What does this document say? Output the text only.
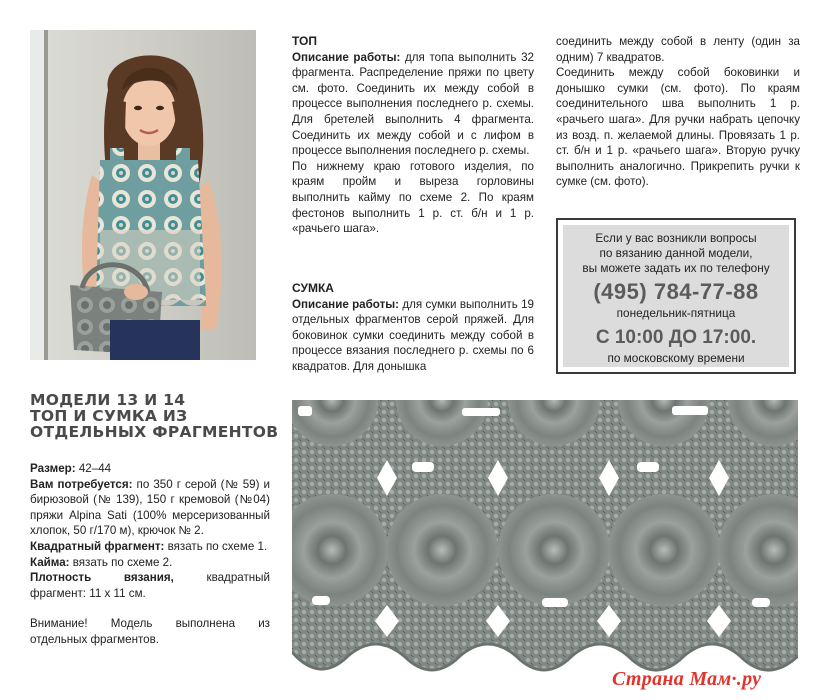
ТОП

Описание работы: для топа выполнить 32 фрагмента. Распределение пряжи по цвету см. фото. Соединить их между собой в процессе выполнения последнего р. схемы. Для бретелей выполнить 4 фрагмента. Соединить их между собой и с лифом в процессе выполнения последнего р. схемы.

По нижнему краю готового изделия, по краям пройм и выреза горловины выполнить кайму по схеме 2. По краям фестонов выполнить 1 р. ст. б/н и 1 р. «рачьего шага».

СУМКА

Описание работы: для сумки выполнить 19 отдельных фрагментов серой пряжей. Для боковинок сумки соединить между собой в процессе вязания последнего р. схемы по 6 квадратов. Для донышка

соединить между собой в ленту (один за одним) 7 квадратов.

Соединить между собой боковинки и донышко сумки (см. фото). По краям соединительного шва выполнить 1 р. «рачьего шага». Для ручки набрать цепочку из возд. п. желаемой длины. Провязать 1 р. ст. б/н и 1 р. «рачьего шага». Вторую ручку выполнить аналогично. Прикрепить ручки к сумке (см. фото).

Если у вас возникли вопросы
по вязанию данной модели,
вы можете задать их по телефону
(495) 784-77-88
понедельник-пятница
С 10:00 ДО 17:00.
по московскому времени
МОДЕЛИ 13 И 14
ТОП И СУМКА ИЗ
ОТДЕЛЬНЫХ ФРАГМЕНТОВ

Размер: 42–44

Вам потребуется: по 350 г серой (№ 59) и бирюзовой (№ 139), 150 г кремовой (№04) пряжи Alpina Sati (100% мерсеризованный хлопок, 50 г/170 м), крючок № 2.

Квадратный фрагмент: вязать по схеме 1.

Кайма: вязать по схеме 2.

Плотность вязания, квадратный фрагмент: 11 х 11 см.

Внимание! Модель выполнена из отдельных фрагментов.

Страна Мам·.ру
